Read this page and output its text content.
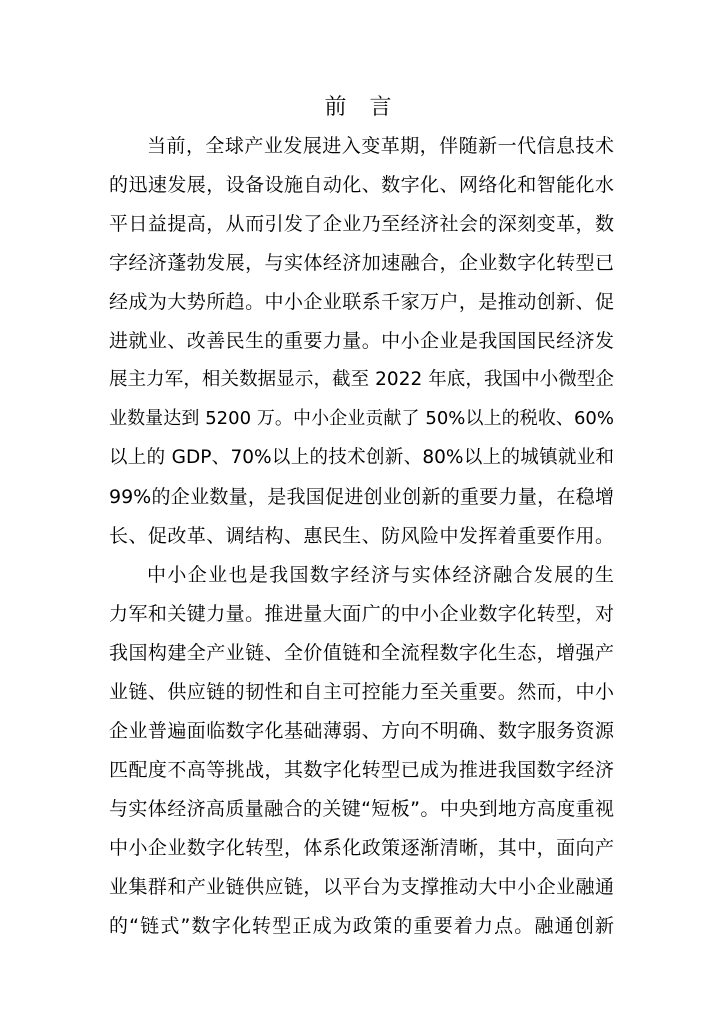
前 言
当前，全球产业发展进入变革期，伴随新一代信息技术
的迅速发展，设备设施自动化、数字化、网络化和智能化水
平日益提高，从而引发了企业乃至经济社会的深刻变革，数
字经济蓬勃发展，与实体经济加速融合，企业数字化转型已
经成为大势所趋。中小企业联系千家万户，是推动创新、促
进就业、改善民生的重要力量。中小企业是我国国民经济发
展主力军，相关数据显示，截至 2022 年底，我国中小微型企
业数量达到 5200 万。中小企业贡献了 50%以上的税收、60%
以上的 GDP、70%以上的技术创新、80%以上的城镇就业和
99%的企业数量，是我国促进创业创新的重要力量，在稳增
长、促改革、调结构、惠民生、防风险中发挥着重要作用。
中小企业也是我国数字经济与实体经济融合发展的生
力军和关键力量。推进量大面广的中小企业数字化转型，对
我国构建全产业链、全价值链和全流程数字化生态，增强产
业链、供应链的韧性和自主可控能力至关重要。然而，中小
企业普遍面临数字化基础薄弱、方向不明确、数字服务资源
匹配度不高等挑战，其数字化转型已成为推进我国数字经济
与实体经济高质量融合的关键“短板”。中央到地方高度重视
中小企业数字化转型，体系化政策逐渐清晰，其中，面向产
业集群和产业链供应链，以平台为支撑推动大中小企业融通
的“链式”数字化转型正成为政策的重要着力点。融通创新
